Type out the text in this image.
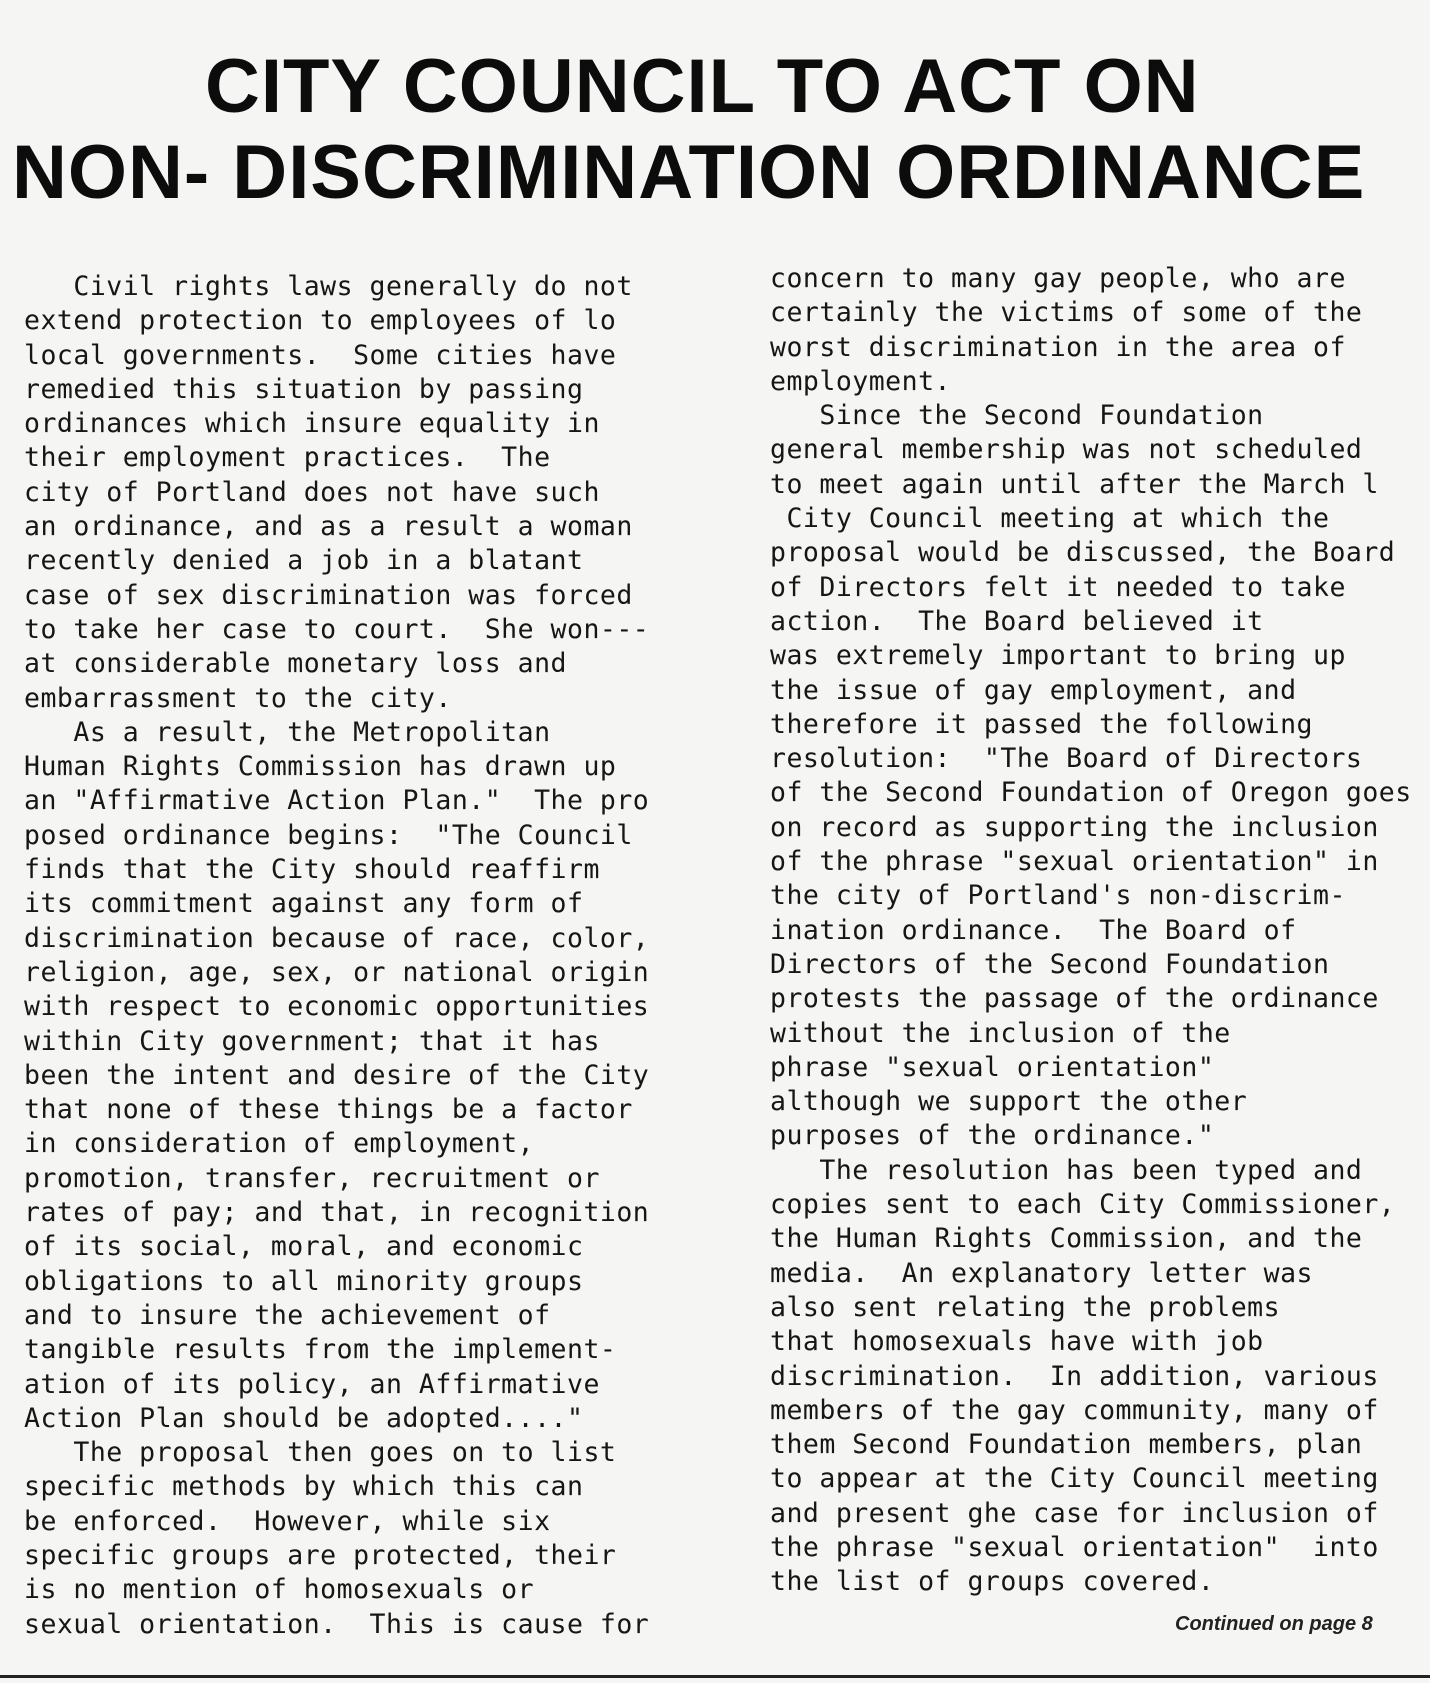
CITY COUNCIL TO ACT ON
NON- DISCRIMINATION ORDINANCE
Civil rights laws generally do not
extend protection to employees of lo
local governments.  Some cities have
remedied this situation by passing
ordinances which insure equality in
their employment practices.  The
city of Portland does not have such
an ordinance, and as a result a woman
recently denied a job in a blatant
case of sex discrimination was forced
to take her case to court.  She won---
at considerable monetary loss and
embarrassment to the city.
As a result, the Metropolitan
Human Rights Commission has drawn up
an "Affirmative Action Plan."  The pro
posed ordinance begins:  "The Council
finds that the City should reaffirm
its commitment against any form of
discrimination because of race, color,
religion, age, sex, or national origin
with respect to economic opportunities
within City government; that it has
been the intent and desire of the City
that none of these things be a factor
in consideration of employment,
promotion, transfer, recruitment or
rates of pay; and that, in recognition
of its social, moral, and economic
obligations to all minority groups
and to insure the achievement of
tangible results from the implement-
ation of its policy, an Affirmative
Action Plan should be adopted...."
The proposal then goes on to list
specific methods by which this can
be enforced.  However, while six
specific groups are protected, their
is no mention of homosexuals or
sexual orientation.  This is cause for
concern to many gay people, who are
certainly the victims of some of the
worst discrimination in the area of
employment.
Since the Second Foundation
general membership was not scheduled
to meet again until after the March l
City Council meeting at which the
proposal would be discussed, the Board
of Directors felt it needed to take
action.  The Board believed it
was extremely important to bring up
the issue of gay employment, and
therefore it passed the following
resolution:  "The Board of Directors
of the Second Foundation of Oregon goes
on record as supporting the inclusion
of the phrase "sexual orientation" in
the city of Portland's non-discrim-
ination ordinance.  The Board of
Directors of the Second Foundation
protests the passage of the ordinance
without the inclusion of the
phrase "sexual orientation"
although we support the other
purposes of the ordinance."
The resolution has been typed and
copies sent to each City Commissioner,
the Human Rights Commission, and the
media.  An explanatory letter was
also sent relating the problems
that homosexuals have with job
discrimination.  In addition, various
members of the gay community, many of
them Second Foundation members, plan
to appear at the City Council meeting
and present ghe case for inclusion of
the phrase "sexual orientation"  into
the list of groups covered.
Continued on page 8
